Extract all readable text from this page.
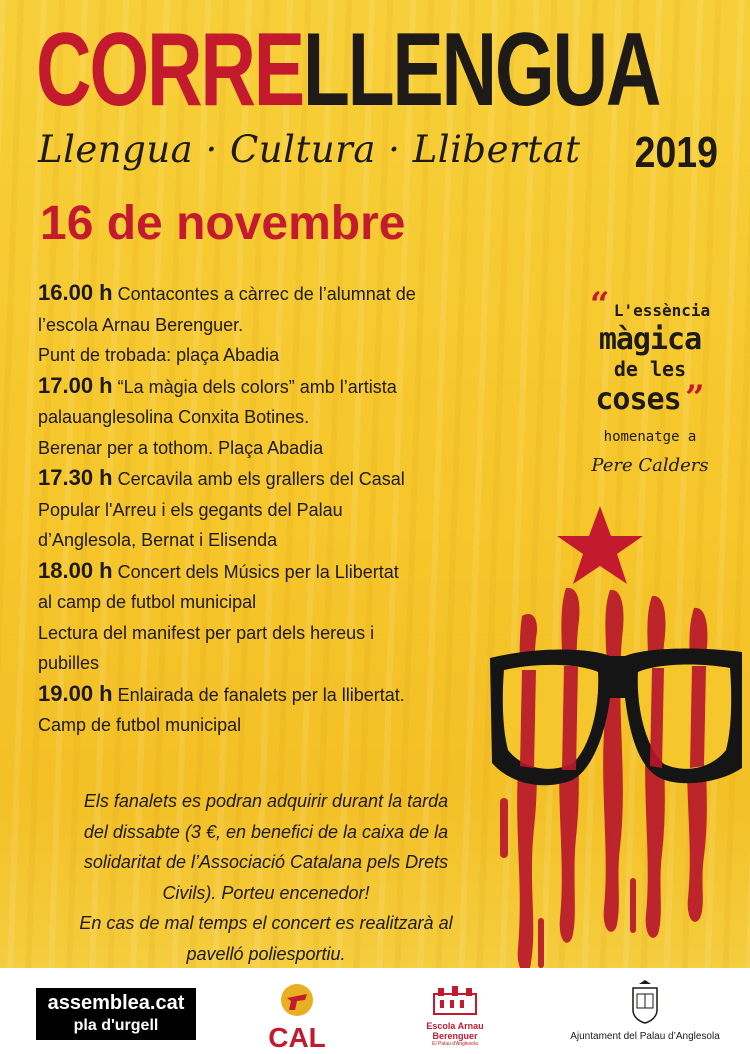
CORRELLENGUA
Llengua · Cultura · Llibertat 2019
16 de novembre
16.00 h Contacontes a càrrec de l’alumnat de
l’escola Arnau Berenguer.
Punt de trobada: plaça Abadia
17.00 h “La màgia dels colors” amb l’artista
palauanglesolina Conxita Botines.
Berenar per a tothom. Plaça Abadia
17.30 h Cercavila amb els grallers del Casal
Popular l'Arreu i els gegants del Palau
d’Anglesola, Bernat i Elisenda
18.00 h Concert dels Músics per la Llibertat
al camp de futbol municipal
Lectura del manifest per part dels hereus i
pubilles
19.00 h Enlairada de fanalets per la llibertat.
Camp de futbol municipal
Els fanalets es podran adquirir durant la tarda
del dissabte (3 €, en benefici de la caixa de la
solidaritat de l’Associació Catalana pels Drets
Civils). Porteu encenedor!
En cas de mal temps el concert es realitzarà al
pavelló poliesportiu.
“ L'essència
màgica
de les
coses ”
homenatge a
Pere Calders
assemblea.cat
pla d'urgell	CAL	Escola Arnau
Berenguer
El Palau d'Anglesola
Ajuntament del Palau d’Anglesola
